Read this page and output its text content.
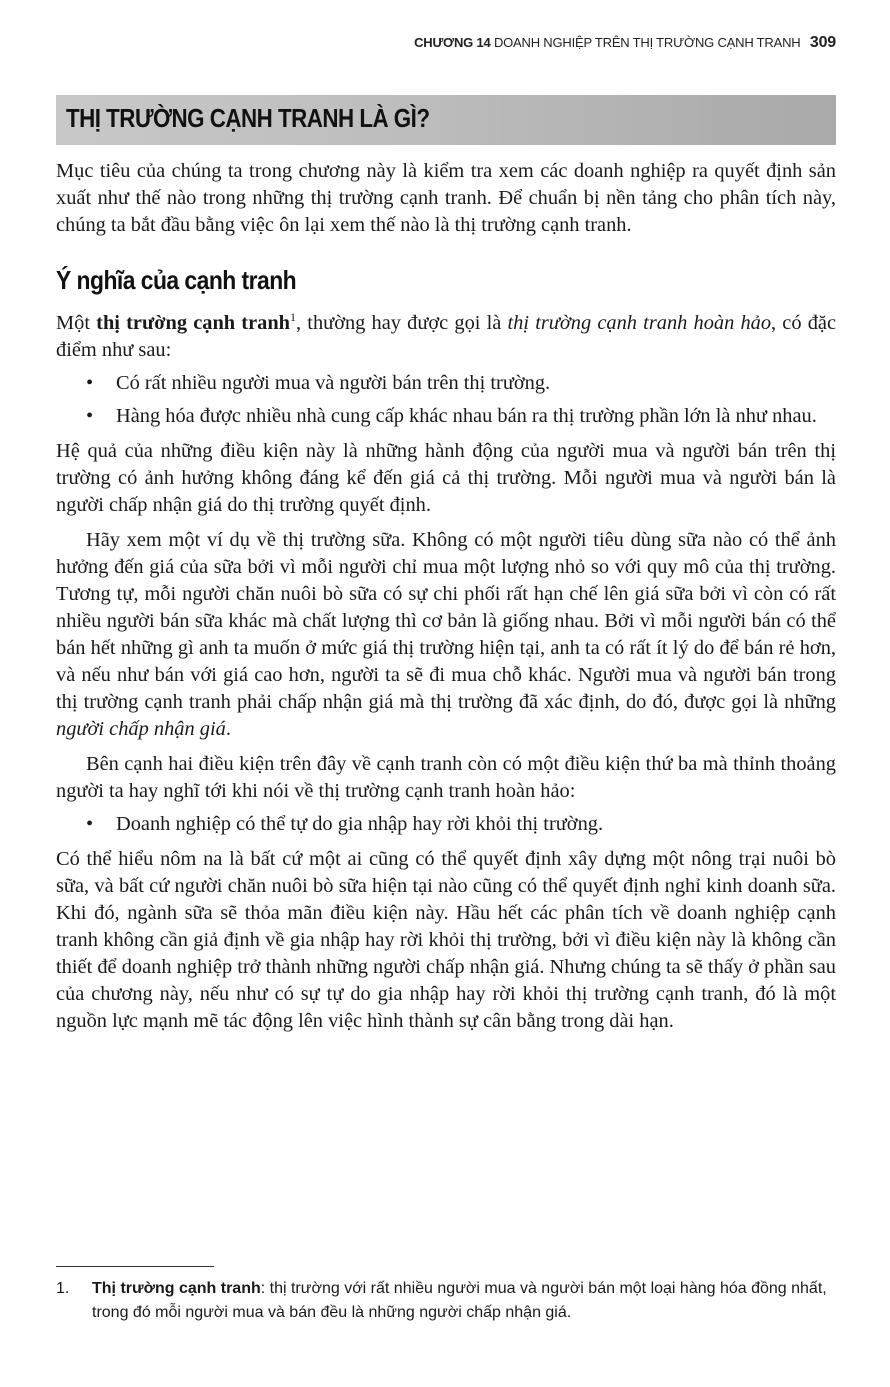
CHƯƠNG 14 DOANH NGHIỆP TRÊN THỊ TRƯỜNG CẠNH TRANH 309
THỊ TRƯỜNG CẠNH TRANH LÀ GÌ?

Mục tiêu của chúng ta trong chương này là kiểm tra xem các doanh nghiệp ra quyết định sản xuất như thế nào trong những thị trường cạnh tranh. Để chuẩn bị nền tảng cho phân tích này, chúng ta bắt đầu bằng việc ôn lại xem thế nào là thị trường cạnh tranh.

Ý nghĩa của cạnh tranh

Một thị trường cạnh tranh$^1$, thường hay được gọi là thị trường cạnh tranh hoàn hảo, có đặc điểm như sau:

• Có rất nhiều người mua và người bán trên thị trường.
• Hàng hóa được nhiều nhà cung cấp khác nhau bán ra thị trường phần lớn là như nhau.

Hệ quả của những điều kiện này là những hành động của người mua và người bán trên thị trường có ảnh hưởng không đáng kể đến giá cả thị trường. Mỗi người mua và người bán là người chấp nhận giá do thị trường quyết định.

Hãy xem một ví dụ về thị trường sữa. Không có một người tiêu dùng sữa nào có thể ảnh hưởng đến giá của sữa bởi vì mỗi người chỉ mua một lượng nhỏ so với quy mô của thị trường. Tương tự, mỗi người chăn nuôi bò sữa có sự chi phối rất hạn chế lên giá sữa bởi vì còn có rất nhiều người bán sữa khác mà chất lượng thì cơ bản là giống nhau. Bởi vì mỗi người bán có thể bán hết những gì anh ta muốn ở mức giá thị trường hiện tại, anh ta có rất ít lý do để bán rẻ hơn, và nếu như bán với giá cao hơn, người ta sẽ đi mua chỗ khác. Người mua và người bán trong thị trường cạnh tranh phải chấp nhận giá mà thị trường đã xác định, do đó, được gọi là những người chấp nhận giá.

Bên cạnh hai điều kiện trên đây về cạnh tranh còn có một điều kiện thứ ba mà thỉnh thoảng người ta hay nghĩ tới khi nói về thị trường cạnh tranh hoàn hảo:

• Doanh nghiệp có thể tự do gia nhập hay rời khỏi thị trường.

Có thể hiểu nôm na là bất cứ một ai cũng có thể quyết định xây dựng một nông trại nuôi bò sữa, và bất cứ người chăn nuôi bò sữa hiện tại nào cũng có thể quyết định nghỉ kinh doanh sữa. Khi đó, ngành sữa sẽ thỏa mãn điều kiện này. Hầu hết các phân tích về doanh nghiệp cạnh tranh không cần giả định về gia nhập hay rời khỏi thị trường, bởi vì điều kiện này là không cần thiết để doanh nghiệp trở thành những người chấp nhận giá. Nhưng chúng ta sẽ thấy ở phần sau của chương này, nếu như có sự tự do gia nhập hay rời khỏi thị trường cạnh tranh, đó là một nguồn lực mạnh mẽ tác động lên việc hình thành sự cân bằng trong dài hạn.

1.	Thị trường cạnh tranh: thị trường với rất nhiều người mua và người bán một loại hàng hóa đồng nhất, trong đó mỗi người mua và bán đều là những người chấp nhận giá.
